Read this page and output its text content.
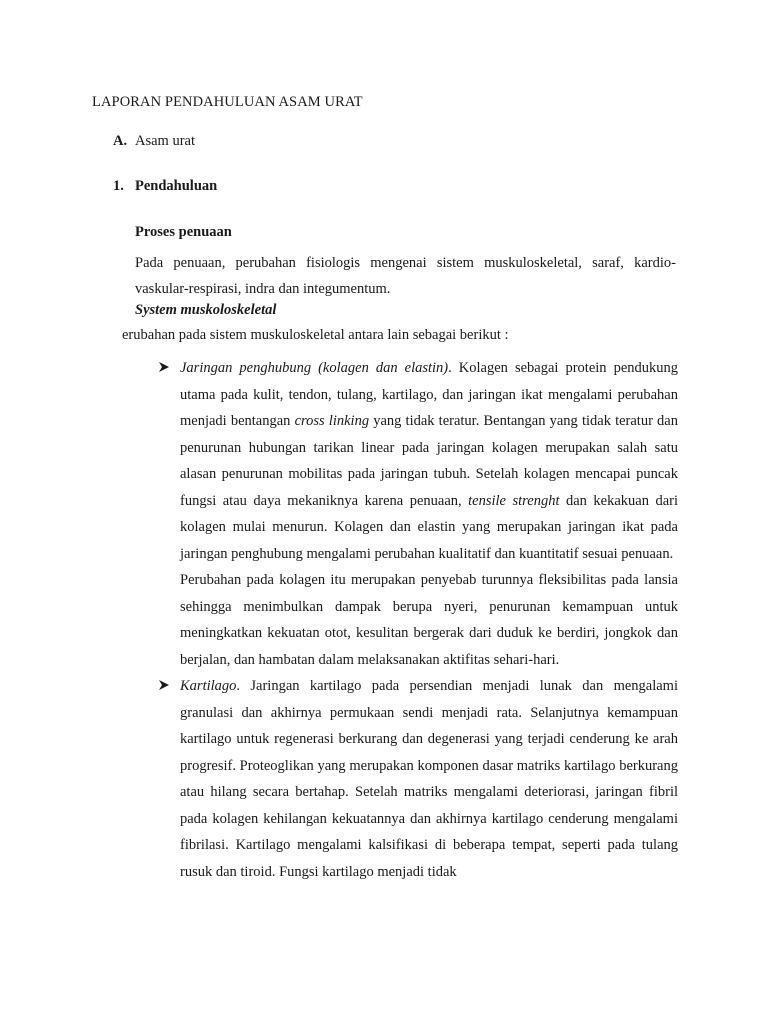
LAPORAN PENDAHULUAN ASAM URAT
A. Asam urat
1. Pendahuluan
Proses penuaan
Pada penuaan, perubahan fisiologis mengenai sistem muskuloskeletal, saraf, kardio-vaskular-respirasi, indra dan integumentum.
System muskoloskeletal
erubahan pada sistem muskuloskeletal antara lain sebagai berikut :

Jaringan penghubung (kolagen dan elastin). Kolagen sebagai protein pendukung utama pada kulit, tendon, tulang, kartilago, dan jaringan ikat mengalami perubahan menjadi bentangan cross linking yang tidak teratur. Bentangan yang tidak teratur dan penurunan hubungan tarikan linear pada jaringan kolagen merupakan salah satu alasan penurunan mobilitas pada jaringan tubuh. Setelah kolagen mencapai puncak fungsi atau daya mekaniknya karena penuaan, tensile strenght dan kekakuan dari kolagen mulai menurun. Kolagen dan elastin yang merupakan jaringan ikat pada jaringan penghubung mengalami perubahan kualitatif dan kuantitatif sesuai penuaan.

Perubahan pada kolagen itu merupakan penyebab turunnya fleksibilitas pada lansia sehingga menimbulkan dampak berupa nyeri, penurunan kemampuan untuk meningkatkan kekuatan otot, kesulitan bergerak dari duduk ke berdiri, jongkok dan berjalan, dan hambatan dalam melaksanakan aktifitas sehari-hari.

Kartilago. Jaringan kartilago pada persendian menjadi lunak dan mengalami granulasi dan akhirnya permukaan sendi menjadi rata. Selanjutnya kemampuan kartilago untuk regenerasi berkurang dan degenerasi yang terjadi cenderung ke arah progresif. Proteoglikan yang merupakan komponen dasar matriks kartilago berkurang atau hilang secara bertahap. Setelah matriks mengalami deteriorasi, jaringan fibril pada kolagen kehilangan kekuatannya dan akhirnya kartilago cenderung mengalami fibrilasi. Kartilago mengalami kalsifikasi di beberapa tempat, seperti pada tulang rusuk dan tiroid. Fungsi kartilago menjadi tidak
